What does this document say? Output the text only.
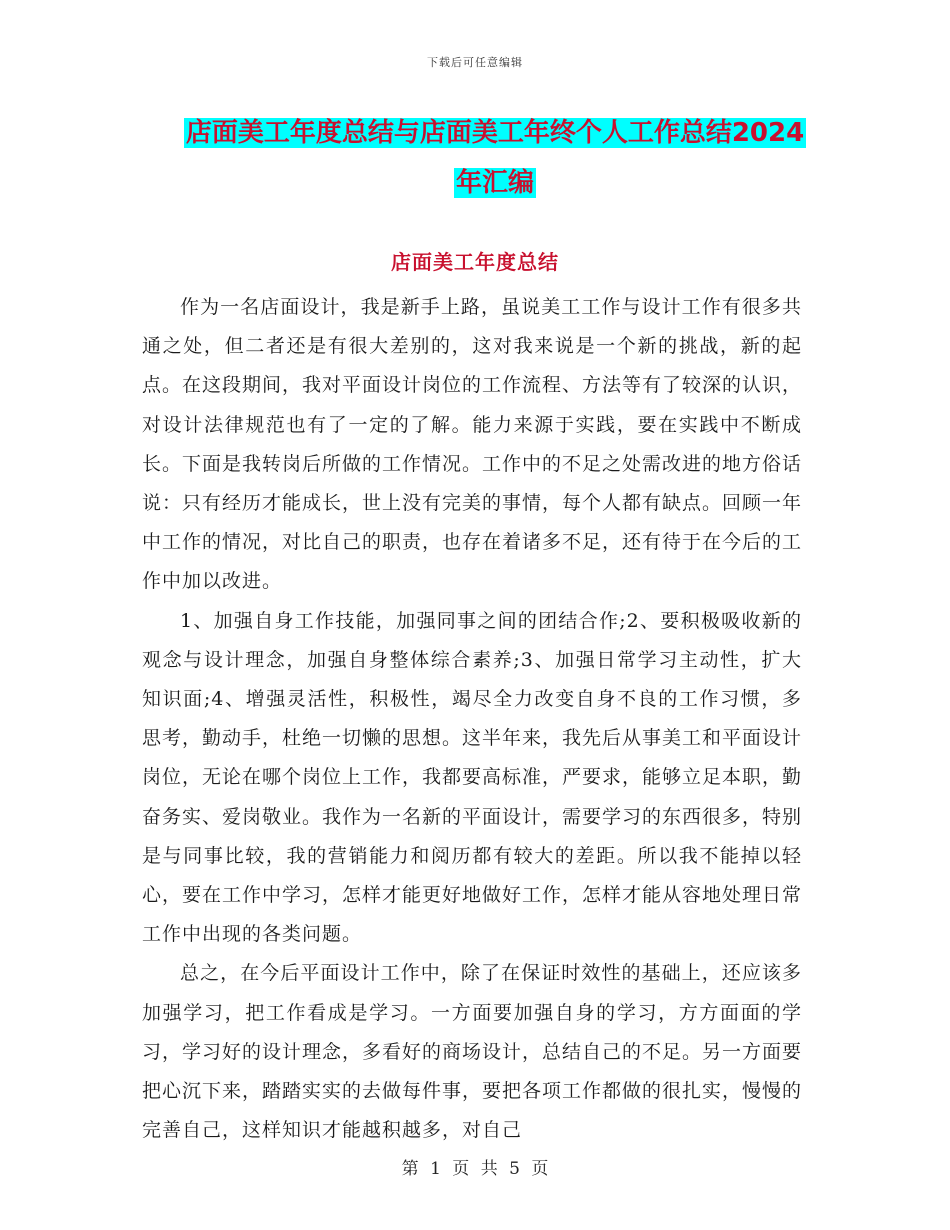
下载后可任意编辑
店面美工年度总结与店面美工年终个人工作总结2024
年汇编
店面美工年度总结

作为一名店面设计，我是新手上路，虽说美工工作与设计工作有很多共通之处，但二者还是有很大差别的，这对我来说是一个新的挑战，新的起点。在这段期间，我对平面设计岗位的工作流程、方法等有了较深的认识，对设计法律规范也有了一定的了解。能力来源于实践，要在实践中不断成长。下面是我转岗后所做的工作情况。工作中的不足之处需改进的地方俗话说：只有经历才能成长，世上没有完美的事情，每个人都有缺点。回顾一年中工作的情况，对比自己的职责，也存在着诸多不足，还有待于在今后的工作中加以改进。

1、加强自身工作技能，加强同事之间的团结合作;2、要积极吸收新的观念与设计理念，加强自身整体综合素养;3、加强日常学习主动性，扩大知识面;4、增强灵活性，积极性，竭尽全力改变自身不良的工作习惯，多思考，勤动手，杜绝一切懒的思想。这半年来，我先后从事美工和平面设计岗位，无论在哪个岗位上工作，我都要高标准，严要求，能够立足本职，勤奋务实、爱岗敬业。我作为一名新的平面设计，需要学习的东西很多，特别是与同事比较，我的营销能力和阅历都有较大的差距。所以我不能掉以轻心，要在工作中学习，怎样才能更好地做好工作，怎样才能从容地处理日常工作中出现的各类问题。

总之，在今后平面设计工作中，除了在保证时效性的基础上，还应该多加强学习，把工作看成是学习。一方面要加强自身的学习，方方面面的学习，学习好的设计理念，多看好的商场设计，总结自己的不足。另一方面要把心沉下来，踏踏实实的去做每件事，要把各项工作都做的很扎实，慢慢的完善自己，这样知识才能越积越多，对自己

第 1 页 共 5 页
